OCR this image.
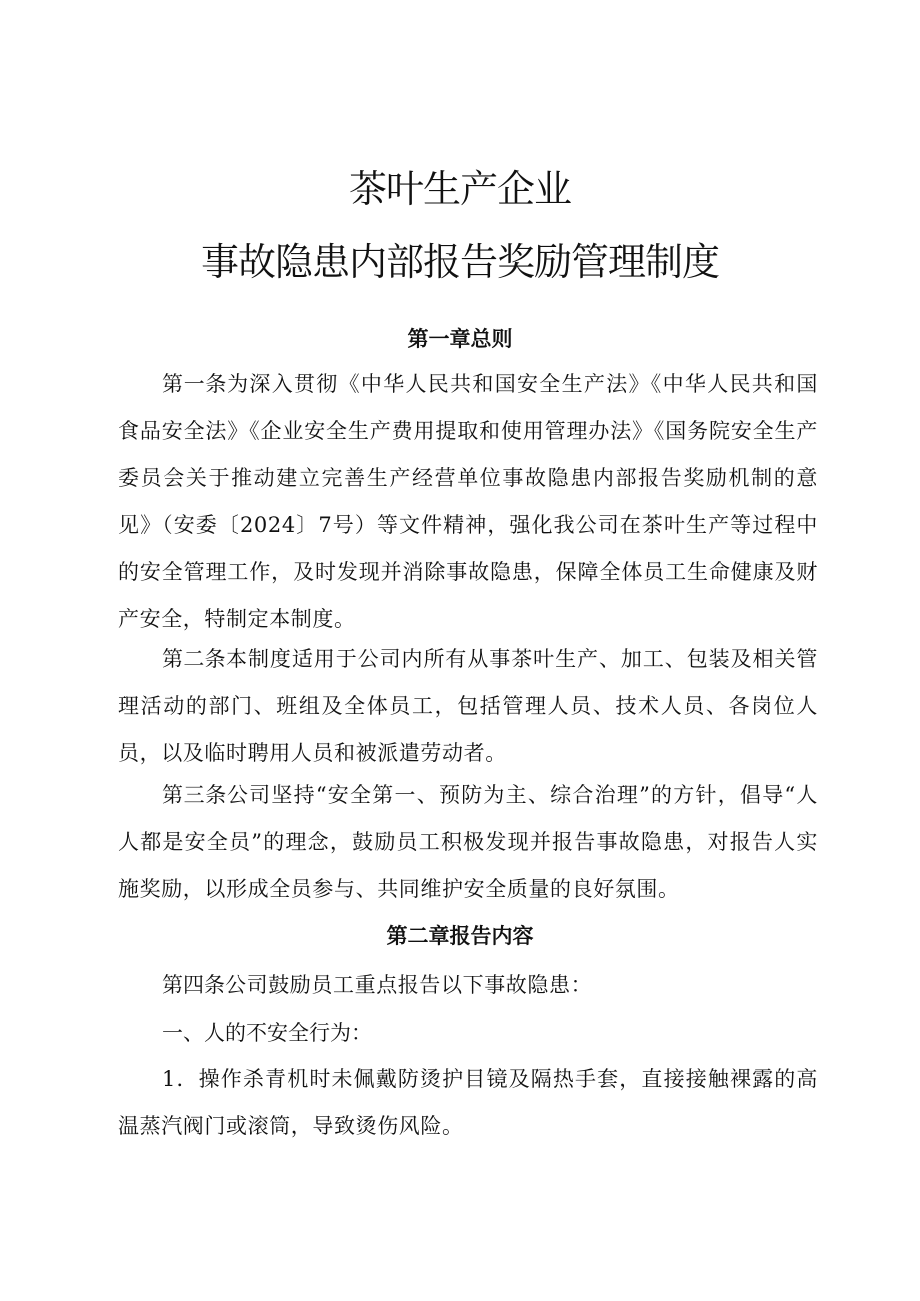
茶叶生产企业
事故隐患内部报告奖励管理制度
第一章总则

第一条为深入贯彻《中华人民共和国安全生产法》《中华人民共和国食品安全法》《企业安全生产费用提取和使用管理办法》《国务院安全生产委员会关于推动建立完善生产经营单位事故隐患内部报告奖励机制的意见》（安委〔2024〕7号）等文件精神，强化我公司在茶叶生产等过程中的安全管理工作，及时发现并消除事故隐患，保障全体员工生命健康及财产安全，特制定本制度。

第二条本制度适用于公司内所有从事茶叶生产、加工、包装及相关管理活动的部门、班组及全体员工，包括管理人员、技术人员、各岗位人员，以及临时聘用人员和被派遣劳动者。

第三条公司坚持“安全第一、预防为主、综合治理”的方针，倡导“人人都是安全员”的理念，鼓励员工积极发现并报告事故隐患，对报告人实施奖励，以形成全员参与、共同维护安全质量的良好氛围。

第二章报告内容

第四条公司鼓励员工重点报告以下事故隐患：

一、人的不安全行为：

1．操作杀青机时未佩戴防烫护目镜及隔热手套，直接接触裸露的高温蒸汽阀门或滚筒，导致烫伤风险。
